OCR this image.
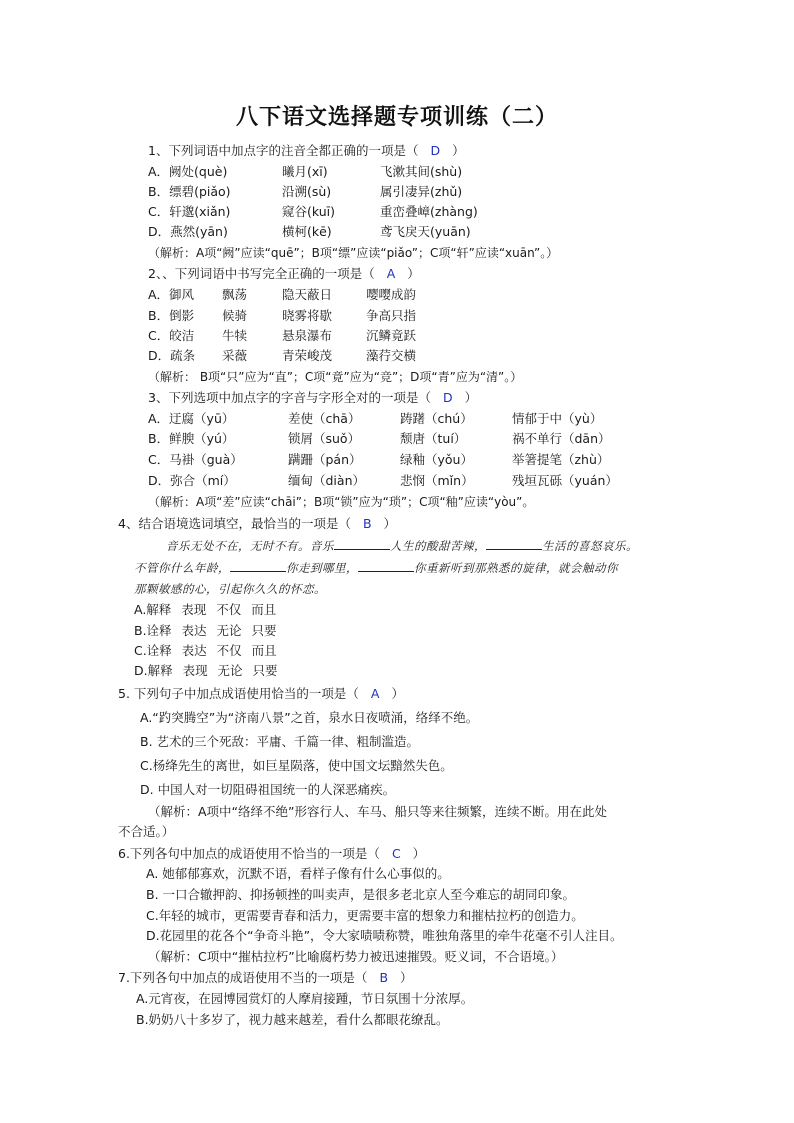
八下语文选择题专项训练（二）
1、下列词语中加点字的注音全都正确的一项是（ D ）
A．阙处(què)	曦月(xī)	飞漱其间(shù)
B．缥碧(piǎo)	沿溯(sù)	属引凄异(zhǔ)
C．轩邈(xiǎn)	窥谷(kuī)	重峦叠嶂(zhàng)
D．燕然(yān)	横柯(kē)	鸢飞戾天(yuān)
（解析：A项“阙”应读“quē”；B项“缥”应读“piǎo”；C项“轩”应读“xuān”。）
2、、下列词语中书写完全正确的一项是（ A ）
A．御风 飘荡	隐天蔽日	嘤嘤成韵
B．倒影 候骑	晓雾将歇	争高只指
C．皎洁 牛犊	悬泉瀑布	沉鳞竟跃
D．疏条 采薇	青荣峻茂	藻荇交横
（解析： B项“只”应为“直”；C项“竟”应为“竞”；D项“青”应为“清”。）
3、下列选项中加点字的字音与字形全对的一项是（ D ）
A．迂腐（yū）	差使（chā）	踌躇（chú）	情郁于中（yù）
B．鲜腴（yú）	锁屑（suǒ）	颓唐（tuí）	祸不单行（dān）
C．马褂（guà）	蹒跚（pán）	绿釉（yǒu）	举箸提笔（zhù）
D．弥合（mí）	缅甸（diàn）	悲悯（mǐn）	残垣瓦砾（yuán）
（解析：A项“差”应读“chāi”；B项“锁”应为“琐”；C项“釉”应读“yòu”。
4、结合语境选词填空，最恰当的一项是（ B ）
音乐无处不在，无时不有。音乐	人生的酸甜苦辣，	生活的喜怒哀乐。
不管你什么年龄，	你走到哪里，	你重新听到那熟悉的旋律，就会触动你
那颗敏感的心，引起你久久的怀恋。
A.解释 表现 不仅 而且
B.诠释 表达 无论 只要
C.诠释 表达 不仅 而且
D.解释 表现 无论 只要
5. 下列句子中加点成语使用恰当的一项是（ A ）
A.“趵突腾空”为“济南八景”之首，泉水日夜喷涌，络绎不绝。
B. 艺术的三个死敌：平庸、千篇一律、粗制滥造。
C.杨绛先生的离世，如巨星陨落，使中国文坛黯然失色。
D. 中国人对一切阻碍祖国统一的人深恶痛疾。
（解析：A项中“络绎不绝”形容行人、车马、船只等来往频繁，连续不断。用在此处
不合适。）
6.下列各句中加点的成语使用不恰当的一项是（ C ）
A. 她郁郁寡欢，沉默不语，看样子像有什么心事似的。
B. 一口合辙押韵、抑扬顿挫的叫卖声，是很多老北京人至今难忘的胡同印象。
C.年轻的城市，更需要青春和活力，更需要丰富的想象力和摧枯拉朽的创造力。
D.花园里的花各个“争奇斗艳”，令大家啧啧称赞，唯独角落里的牵牛花毫不引人注目。
（解析：C项中“摧枯拉朽”比喻腐朽势力被迅速摧毁。贬义词，不合语境。）
7.下列各句中加点的成语使用不当的一项是（ B ）
A.元宵夜，在园博园赏灯的人摩肩接踵，节日氛围十分浓厚。
B.奶奶八十多岁了，视力越来越差，看什么都眼花缭乱。
